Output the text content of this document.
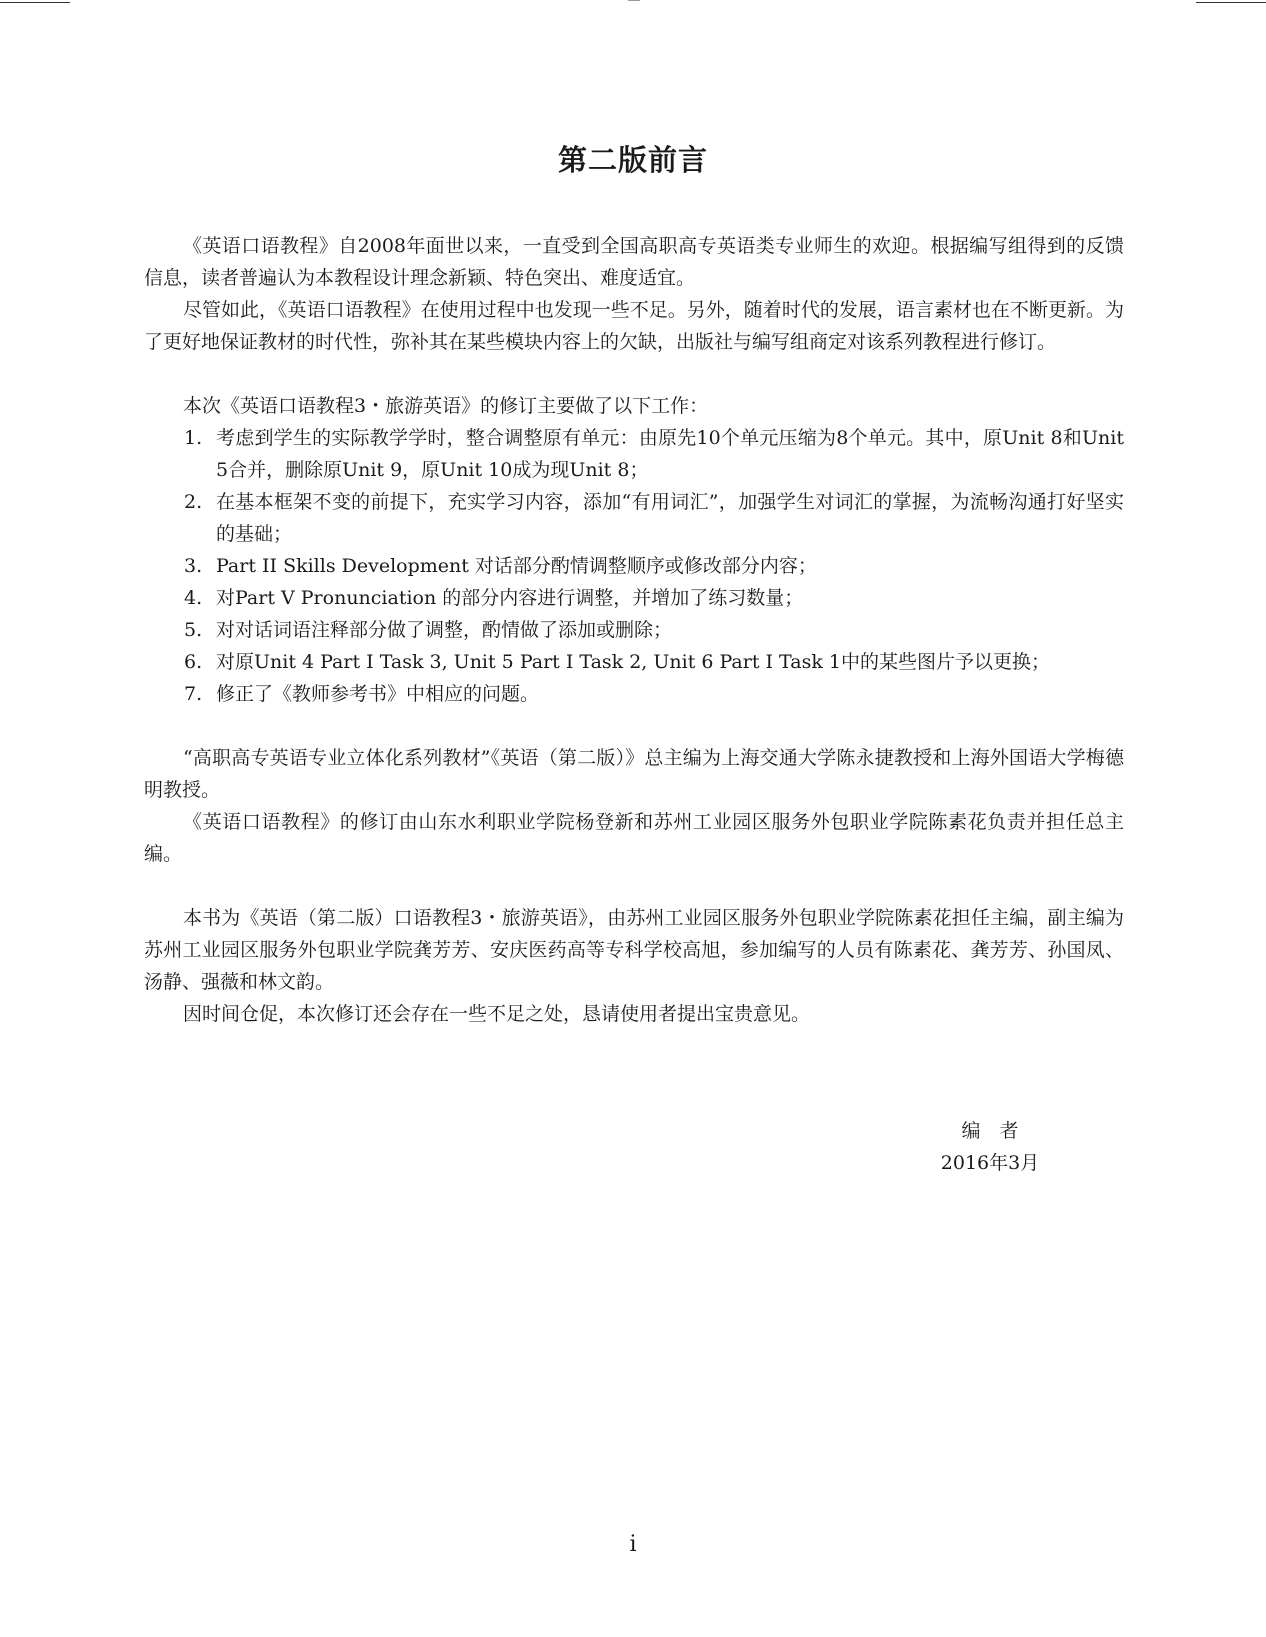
第二版前言

《英语口语教程》自2008年面世以来，一直受到全国高职高专英语类专业师生的欢迎。根据编写组得到的反馈信息，读者普遍认为本教程设计理念新颖、特色突出、难度适宜。

尽管如此，《英语口语教程》在使用过程中也发现一些不足。另外，随着时代的发展，语言素材也在不断更新。为了更好地保证教材的时代性，弥补其在某些模块内容上的欠缺，出版社与编写组商定对该系列教程进行修订。

本次《英语口语教程3・旅游英语》的修订主要做了以下工作：

1. 考虑到学生的实际教学学时，整合调整原有单元：由原先10个单元压缩为8个单元。其中，原Unit 8和Unit 5合并，删除原Unit 9，原Unit 10成为现Unit 8；
2. 在基本框架不变的前提下，充实学习内容，添加“有用词汇”，加强学生对词汇的掌握，为流畅沟通打好坚实的基础；
3. Part II Skills Development 对话部分酌情调整顺序或修改部分内容；
4. 对Part V Pronunciation 的部分内容进行调整，并增加了练习数量；
5. 对对话词语注释部分做了调整，酌情做了添加或删除；
6. 对原Unit 4 Part I Task 3, Unit 5 Part I Task 2, Unit 6 Part I Task 1中的某些图片予以更换；
7. 修正了《教师参考书》中相应的问题。

“高职高专英语专业立体化系列教材”《英语（第二版）》总主编为上海交通大学陈永捷教授和上海外国语大学梅德明教授。

《英语口语教程》的修订由山东水利职业学院杨登新和苏州工业园区服务外包职业学院陈素花负责并担任总主编。

本书为《英语（第二版）口语教程3・旅游英语》，由苏州工业园区服务外包职业学院陈素花担任主编，副主编为苏州工业园区服务外包职业学院龚芳芳、安庆医药高等专科学校高旭，参加编写的人员有陈素花、龚芳芳、孙国凤、汤静、强薇和林文韵。

因时间仓促，本次修订还会存在一些不足之处，恳请使用者提出宝贵意见。

编　者
2016年3月
i
